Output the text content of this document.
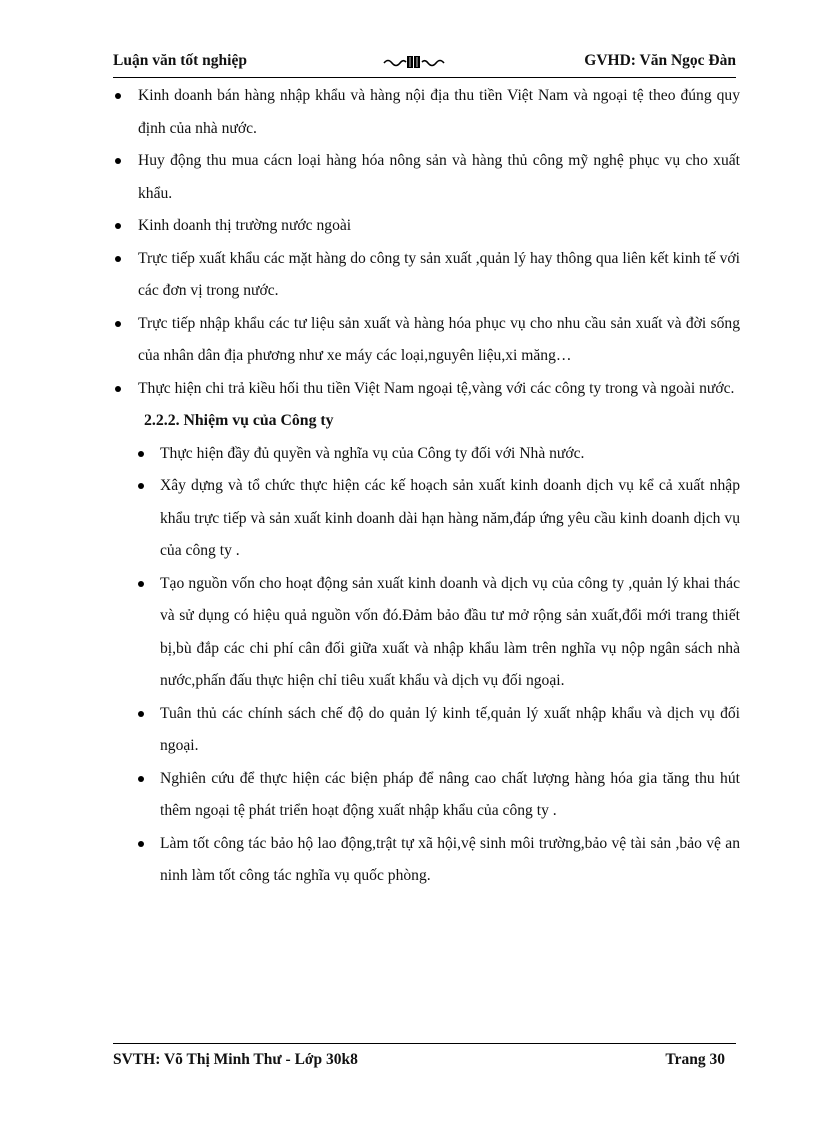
Luận văn tốt nghiệp	GVHD: Văn Ngọc Đàn
Kinh doanh bán hàng nhập khẩu và hàng nội địa thu tiền Việt Nam và ngoại tệ theo đúng quy định của nhà nước.
Huy động thu mua cácn loại hàng hóa nông sản và hàng thủ công mỹ nghệ phục vụ cho xuất khẩu.
Kinh doanh thị trường nước ngoài
Trực tiếp xuất khẩu các mặt hàng do công ty sản xuất ,quản lý hay thông qua liên kết kinh tế với các đơn vị trong nước.
Trực tiếp nhập khẩu các tư liệu sản xuất và hàng hóa phục vụ cho nhu cầu sản xuất và đời sống của nhân dân địa phương như xe máy các loại,nguyên liệu,xi măng…
Thực hiện chi trả kiều hối thu tiền Việt Nam ngoại tệ,vàng với các công ty trong và ngoài nước.
2.2.2. Nhiệm vụ của Công ty
Thực hiện đầy đủ quyền và nghĩa vụ của Công ty đối với Nhà nước.
Xây dựng và tổ chức thực hiện các kế hoạch sản xuất kinh doanh dịch vụ kể cả xuất nhập khẩu trực tiếp và sản xuất kinh doanh dài hạn hàng năm,đáp ứng yêu cầu kinh doanh dịch vụ của công ty .
Tạo nguồn vốn cho hoạt động sản xuất kinh doanh và dịch vụ của công ty ,quản lý khai thác và sử dụng có hiệu quả nguồn vốn đó.Đảm bảo đầu tư mở rộng sản xuất,đổi mới trang thiết bị,bù đắp các chi phí cân đối giữa xuất và nhập khẩu làm trên nghĩa vụ nộp ngân sách nhà nước,phấn đấu thực hiện chỉ tiêu xuất khẩu và dịch vụ đối ngoại.
Tuân thủ các chính sách chế độ do quản lý kinh tế,quản lý xuất nhập khẩu và dịch vụ đối ngoại.
Nghiên cứu để thực hiện các biện pháp để nâng cao chất lượng hàng hóa gia tăng thu hút thêm ngoại tệ phát triển hoạt động xuất nhập khẩu của công ty .
Làm tốt công tác bảo hộ lao động,trật tự xã hội,vệ sinh môi trường,bảo vệ tài sản ,bảo vệ an ninh làm tốt công tác nghĩa vụ quốc phòng.
SVTH: Võ Thị Minh Thư - Lớp 30k8	Trang 30
